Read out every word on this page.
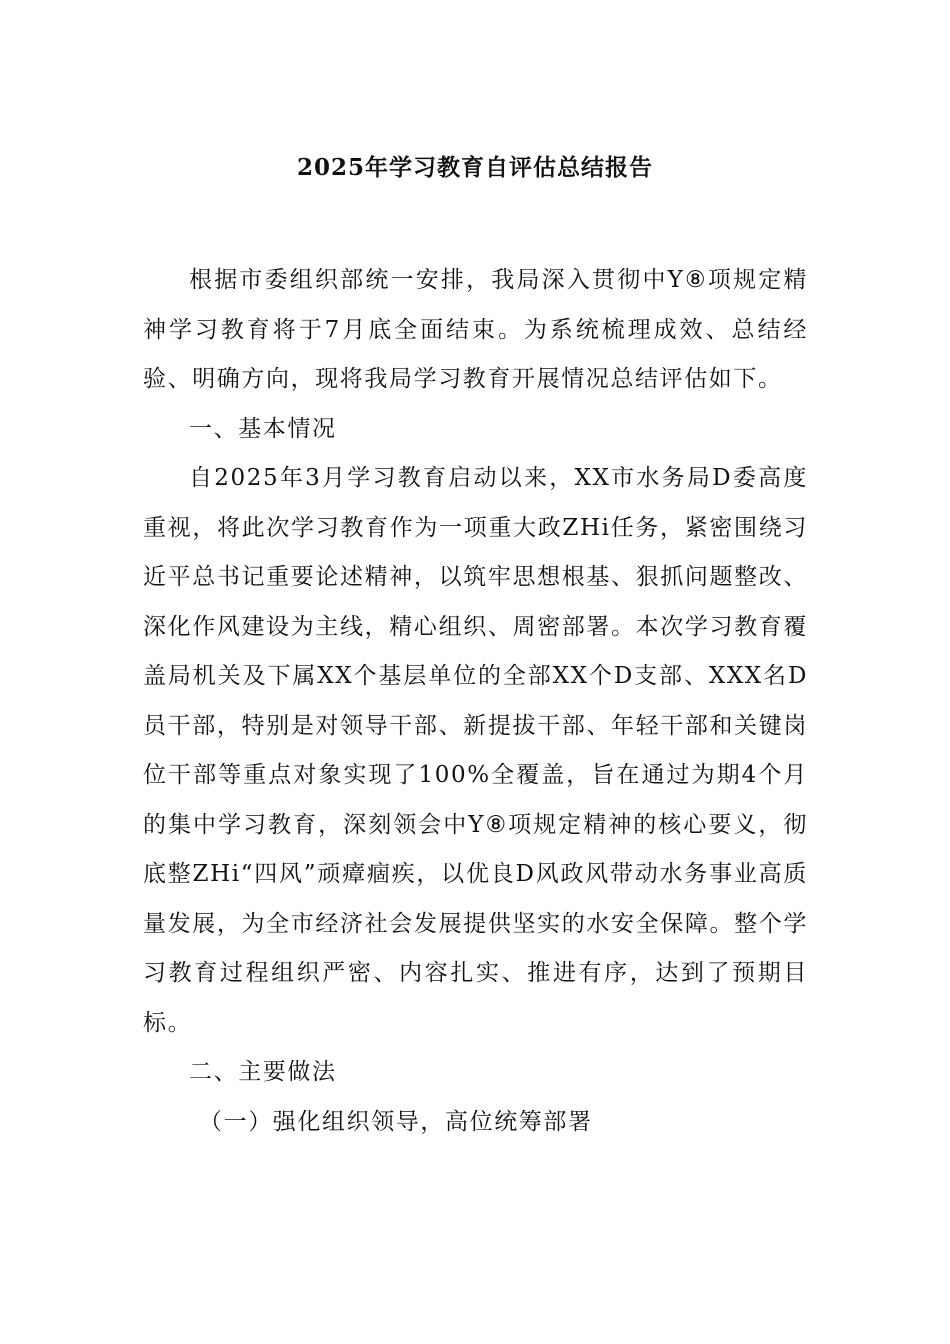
2025年学习教育自评估总结报告

根据市委组织部统一安排，我局深入贯彻中Y⑧项规定精神学习教育将于7月底全面结束。为系统梳理成效、总结经验、明确方向，现将我局学习教育开展情况总结评估如下。

一、基本情况

自2025年3月学习教育启动以来，XX市水务局D委高度重视，将此次学习教育作为一项重大政ZHi任务，紧密围绕习近平总书记重要论述精神，以筑牢思想根基、狠抓问题整改、深化作风建设为主线，精心组织、周密部署。本次学习教育覆盖局机关及下属XX个基层单位的全部XX个D支部、XXX名D员干部，特别是对领导干部、新提拔干部、年轻干部和关键岗位干部等重点对象实现了100%全覆盖，旨在通过为期4个月的集中学习教育，深刻领会中Y⑧项规定精神的核心要义，彻底整ZHi“四风”顽瘴痼疾，以优良D风政风带动水务事业高质量发展，为全市经济社会发展提供坚实的水安全保障。整个学习教育过程组织严密、内容扎实、推进有序，达到了预期目标。

二、主要做法

（一）强化组织领导，高位统筹部署
